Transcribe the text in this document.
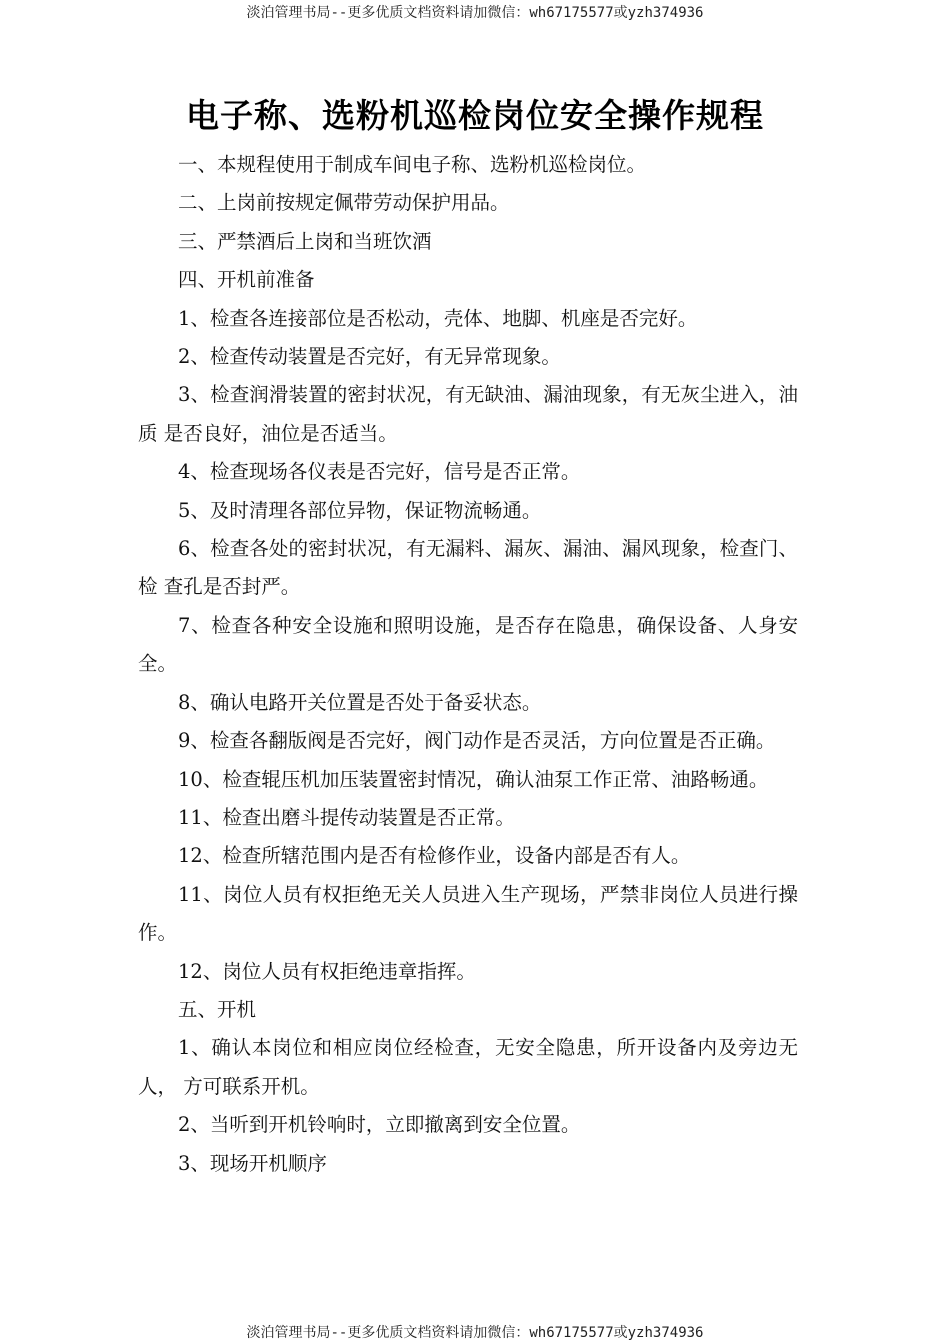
淡泊管理书局--更多优质文档资料请加微信：wh67175577或yzh374936
电子称、选粉机巡检岗位安全操作规程

一、本规程使用于制成车间电子称、选粉机巡检岗位。

二、上岗前按规定佩带劳动保护用品。

三、严禁酒后上岗和当班饮酒

四、开机前准备

1、检查各连接部位是否松动，壳体、地脚、机座是否完好。

2、检查传动装置是否完好，有无异常现象。

3、检查润滑装置的密封状况，有无缺油、漏油现象，有无灰尘进入，油质 是否良好，油位是否适当。

4、检查现场各仪表是否完好，信号是否正常。

5、及时清理各部位异物，保证物流畅通。

6、检查各处的密封状况，有无漏料、漏灰、漏油、漏风现象，检查门、检 查孔是否封严。

7、检查各种安全设施和照明设施，是否存在隐患，确保设备、人身安全。

8、确认电路开关位置是否处于备妥状态。

9、检查各翻版阀是否完好，阀门动作是否灵活，方向位置是否正确。

10、检查辊压机加压装置密封情况，确认油泵工作正常、油路畅通。

11、检查出磨斗提传动装置是否正常。

12、检查所辖范围内是否有检修作业，设备内部是否有人。

11、岗位人员有权拒绝无关人员进入生产现场，严禁非岗位人员进行操作。

12、岗位人员有权拒绝违章指挥。

五、开机

1、确认本岗位和相应岗位经检查，无安全隐患，所开设备内及旁边无人， 方可联系开机。

2、当听到开机铃响时，立即撤离到安全位置。

3、现场开机顺序

淡泊管理书局--更多优质文档资料请加微信：wh67175577或yzh374936
